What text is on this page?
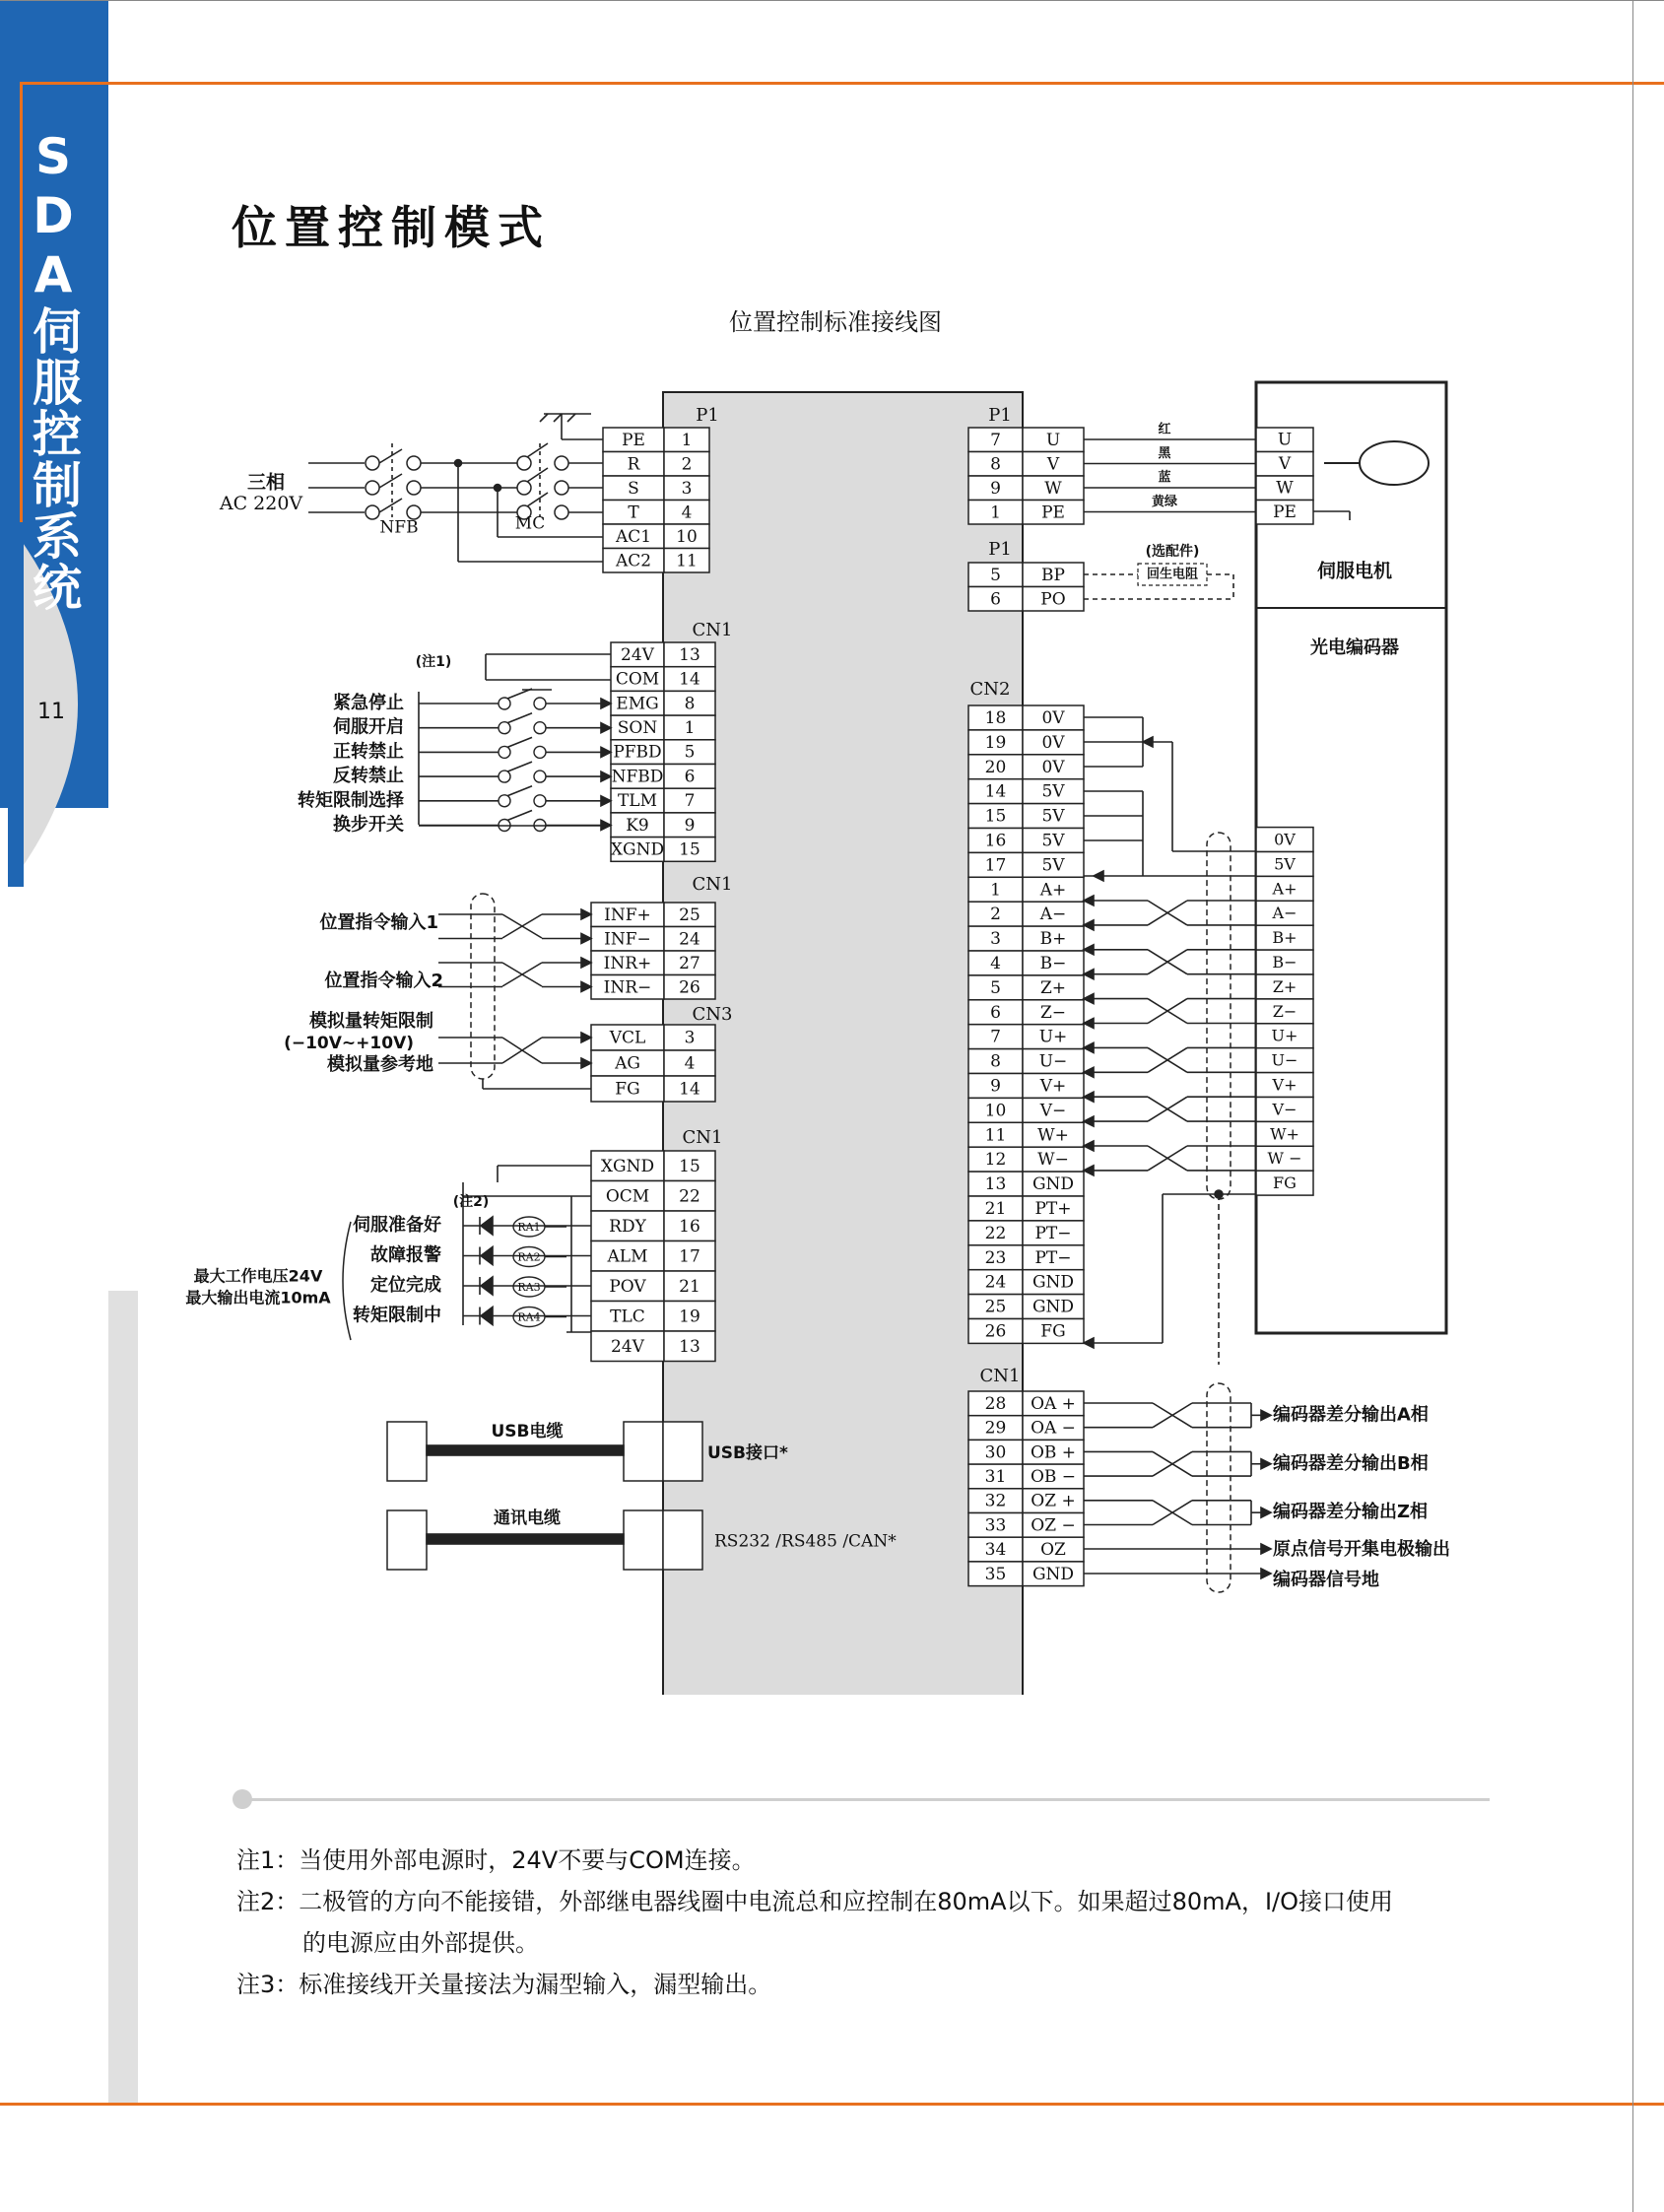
11
SDA伺服控制系统	位置控制模式
位置控制标准接线图
PE 1
R 2
S	3
T	4
AC1 10
AC2 11
24V 13
COM 14
EMG 8
SON 1
PFBD 5
NFBD 6
TLM 7
K9 9
XGND 15
INF+ 25
INF− 24
INR+ 27
INR− 26
VCL 3
AG	4
FG 14
XGND 15
OCM 22
RDY 16
ALM 17
POV 21
TLC 19
24V 13
7	U
8	V
9	W
1 PE
U
V
W
PE
5 BP
6 PO
18 0V
19 0V
20 0V
14 5V
15 5V
16 5V
17 5V
1 A+
2 A−
3 B+
4 B−
5 Z+
6 Z−
7 U+
8 U−
9 V+
10 V−
11 W+
12 W−
13 GND
21 PT+
22 PT−
23 PT−
24 GND
25 GND
26 FG
0V
5V
A+
A−
B+
B−
Z+
Z−
U+
U−
V+
V−
W+
W −
FG
28 OA +
29 OA −
30 OB +
31 OB −
32 OZ +
33 OZ −
34 OZ
35 GND
P1
NFB	MC
三相
AC 220V
CN1
(注1)
紧急停止
伺服开启
正转禁止
反转禁止
转矩限制选择
换步开关
CN1
位置指令输入1
位置指令输入2
CN3
模拟量转矩限制
(−10V~+10V)
模拟量参考地
CN1
(注2)
伺服准备好	RA1
故障报警	RA2
定位完成	RA3
转矩限制中	RA4
最大工作电压24V
最大输出电流10mA
USB电缆
USB接口*
通讯电缆
RS232 /RS485 /CAN*
P1
红
黑
蓝
黄绿
伺服电机
光电编码器
P1	(选配件)
回生电阻
CN2
CN1
编码器差分输出A相
编码器差分输出B相
编码器差分输出Z相
原点信号开集电极输出
编码器信号地
注1：当使用外部电源时，24V不要与COM连接。
注2：二极管的方向不能接错，外部继电器线圈中电流总和应控制在80mA以下。如果超过80mA，I/O接口使用
的电源应由外部提供。
注3：标准接线开关量接法为漏型输入，漏型输出。
